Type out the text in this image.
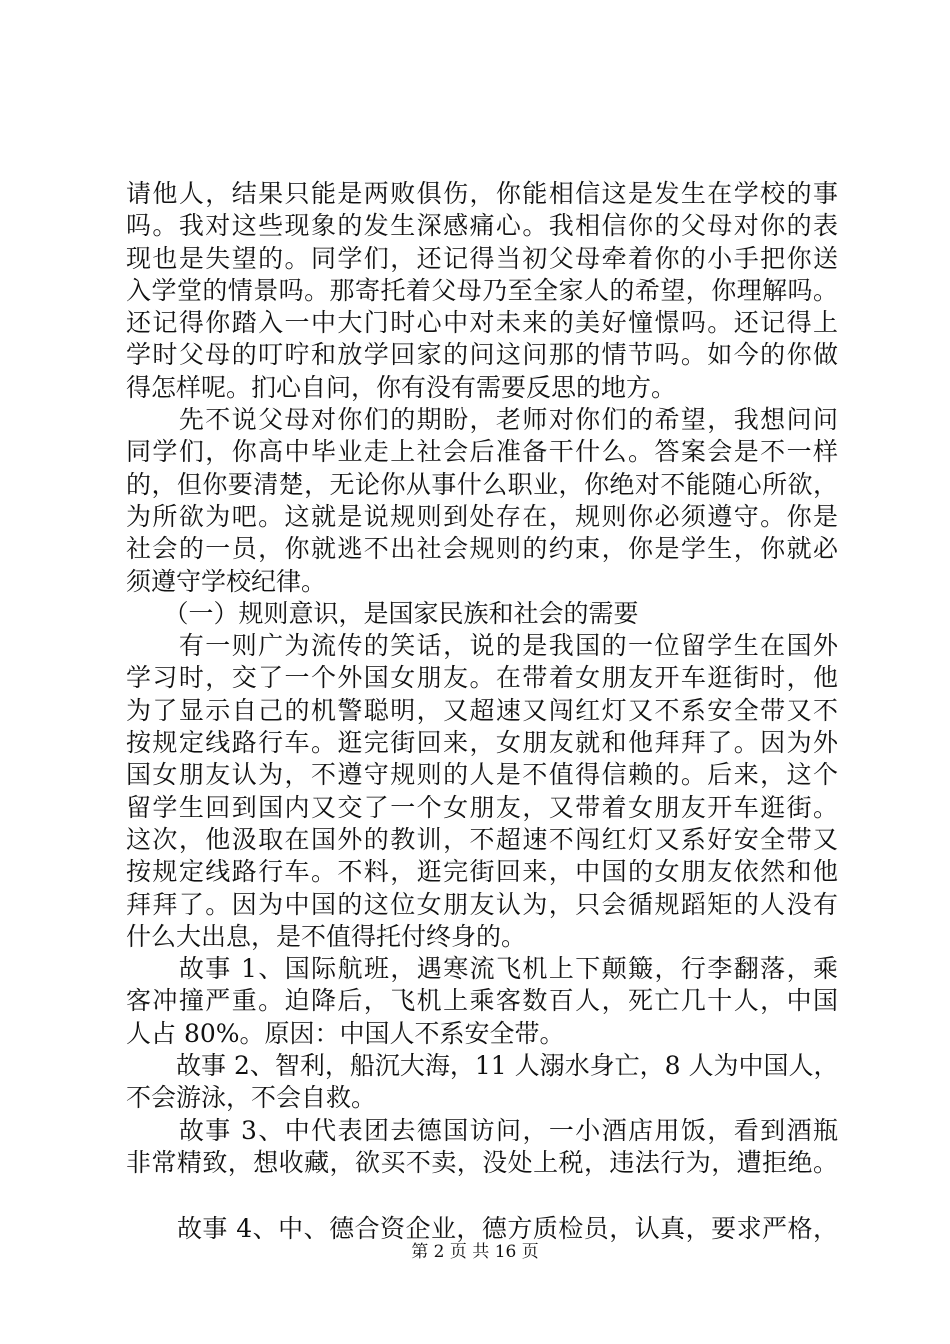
请他人，结果只能是两败俱伤，你能相信这是发生在学校的事
吗。我对这些现象的发生深感痛心。我相信你的父母对你的表
现也是失望的。同学们，还记得当初父母牵着你的小手把你送
入学堂的情景吗。那寄托着父母乃至全家人的希望，你理解吗。
还记得你踏入一中大门时心中对未来的美好憧憬吗。还记得上
学时父母的叮咛和放学回家的问这问那的情节吗。如今的你做
得怎样呢。扪心自问，你有没有需要反思的地方。
　　先不说父母对你们的期盼，老师对你们的希望，我想问问
同学们，你高中毕业走上社会后准备干什么。答案会是不一样
的，但你要清楚，无论你从事什么职业，你绝对不能随心所欲，
为所欲为吧。这就是说规则到处存在，规则你必须遵守。你是
社会的一员，你就逃不出社会规则的约束，你是学生，你就必
须遵守学校纪律。
　　（一）规则意识，是国家民族和社会的需要
　　有一则广为流传的笑话，说的是我国的一位留学生在国外
学习时，交了一个外国女朋友。在带着女朋友开车逛街时，他
为了显示自己的机警聪明，又超速又闯红灯又不系安全带又不
按规定线路行车。逛完街回来，女朋友就和他拜拜了。因为外
国女朋友认为，不遵守规则的人是不值得信赖的。后来，这个
留学生回到国内又交了一个女朋友，又带着女朋友开车逛街。
这次，他汲取在国外的教训，不超速不闯红灯又系好安全带又
按规定线路行车。不料，逛完街回来，中国的女朋友依然和他
拜拜了。因为中国的这位女朋友认为，只会循规蹈矩的人没有
什么大出息，是不值得托付终身的。
　　故事 1、国际航班，遇寒流飞机上下颠簸，行李翻落，乘
客冲撞严重。迫降后，飞机上乘客数百人，死亡几十人，中国
人占 80%。原因：中国人不系安全带。
　　故事 2、智利，船沉大海，11 人溺水身亡，8 人为中国人，
不会游泳，不会自救。
　　故事 3、中代表团去德国访问，一小酒店用饭，看到酒瓶
非常精致，想收藏，欲买不卖，没处上税，违法行为，遭拒绝。
　　故事 4、中、德合资企业，德方质检员，认真，要求严格，
第 2 页 共 16 页
